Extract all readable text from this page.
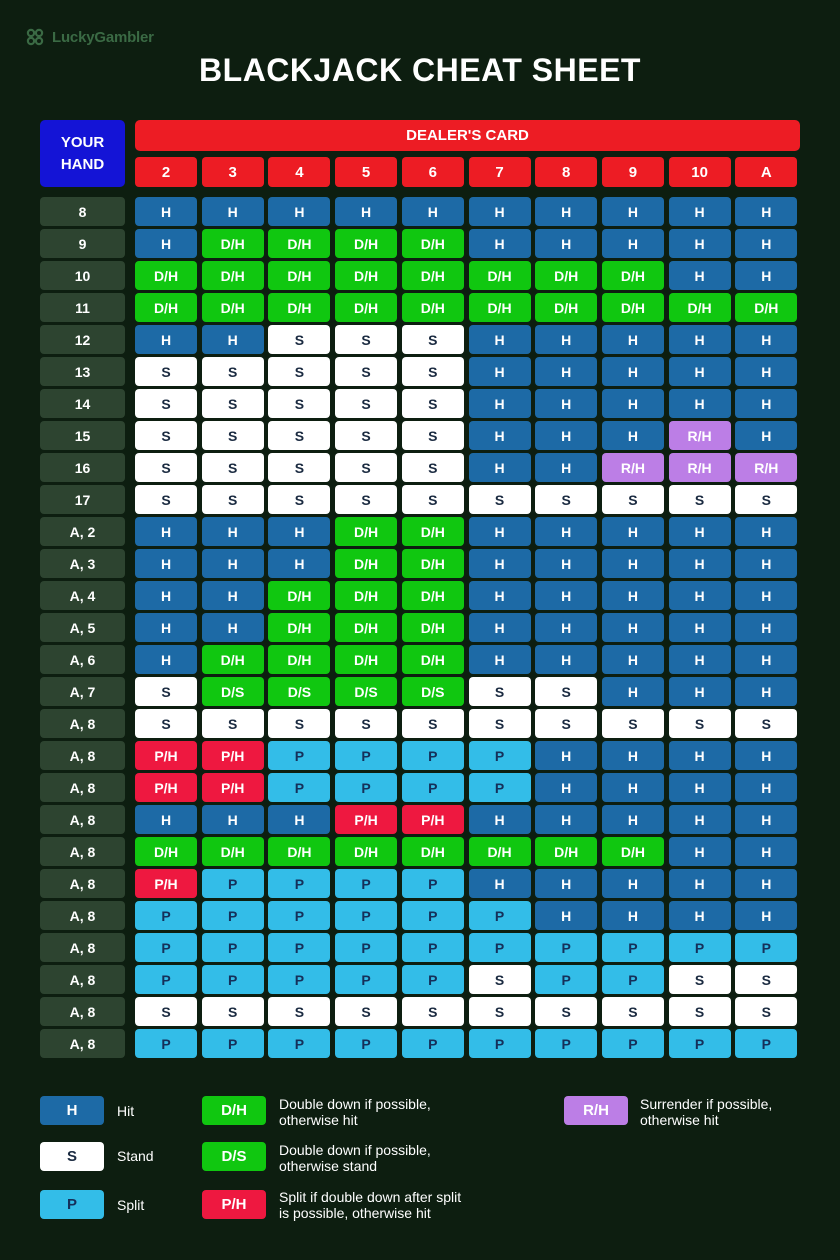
LuckyGambler
BLACKJACK CHEAT SHEET
YOUR
HAND
DEALER'S CARD
8	H	H	H	H	H	H	H	H	H	H
9	H	D/H	D/H	D/H	D/H	H	H	H	H	H
10	D/H	D/H	D/H	D/H	D/H	D/H	D/H	D/H	H	H
11	D/H	D/H	D/H	D/H	D/H	D/H	D/H	D/H	D/H	D/H
12	H	H	S	S	S	H	H	H	H	H
13	S	S	S	S	S	H	H	H	H	H
14	S	S	S	S	S	H	H	H	H	H
15	S	S	S	S	S	H	H	H	R/H	H
16	S	S	S	S	S	H	H	R/H	R/H	R/H
17	S	S	S	S	S	S	S	S	S	S
A, 2	H	H	H	D/H	D/H	H	H	H	H	H
A, 3	H	H	H	D/H	D/H	H	H	H	H	H
A, 4	H	H	D/H	D/H	D/H	H	H	H	H	H
A, 5	H	H	D/H	D/H	D/H	H	H	H	H	H
A, 6	H	D/H	D/H	D/H	D/H	H	H	H	H	H
A, 7	S	D/S	D/S	D/S	D/S	S	S	H	H	H
A, 8	S	S	S	S	S	S	S	S	S	S
A, 8	P/H	P/H	P	P	P	P	H	H	H	H
A, 8	P/H	P/H	P	P	P	P	H	H	H	H
A, 8	H	H	H	P/H	P/H	H	H	H	H	H
A, 8	D/H	D/H	D/H	D/H	D/H	D/H	D/H	D/H	H	H
A, 8	P/H	P	P	P	P	H	H	H	H	H
A, 8	P	P	P	P	P	P	H	H	H	H
A, 8	P	P	P	P	P	P	P	P	P	P
A, 8	P	P	P	P	P	S	P	P	S	S
A, 8	S	S	S	S	S	S	S	S	S	S
A, 8	P	P	P	P	P	P	P	P	P	P
H	Hit
S	Stand
P	Split
D/H	Double down if possible,
otherwise hit
D/S	Double down if possible,
otherwise stand
P/H	Split if double down after split
is possible, otherwise hit
R/H	Surrender if possible,
otherwise hit
2	3	4	5	6	7	8	9	10	A
